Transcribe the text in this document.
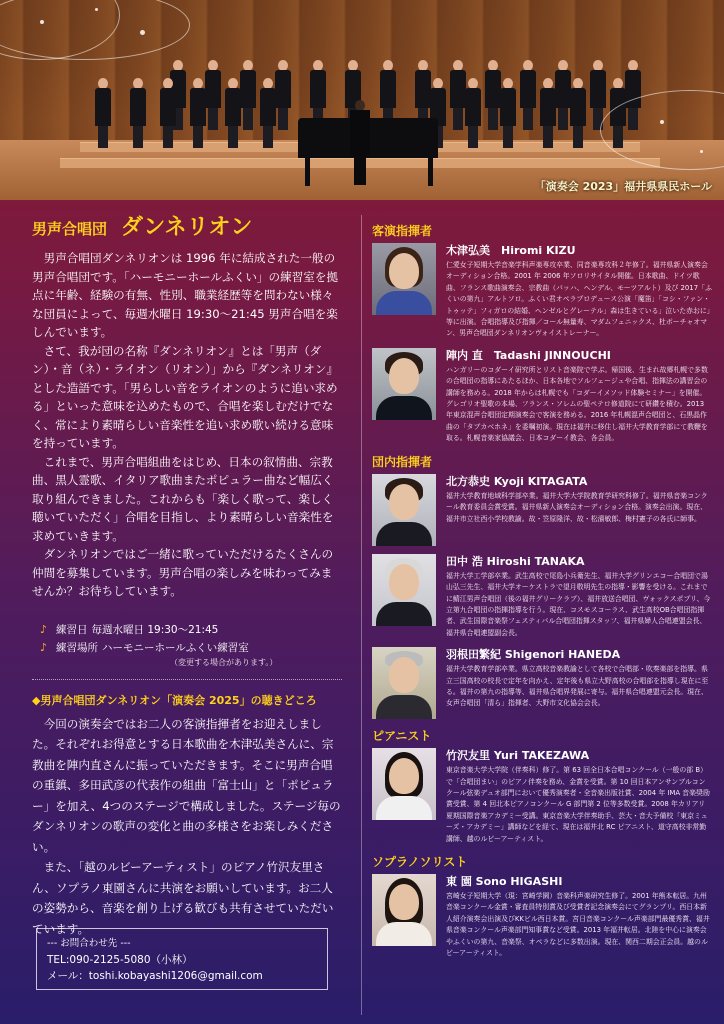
「演奏会 2023」福井県県民ホール
男声合唱団 ダンネリオン

　男声合唱団ダンネリオンは 1996 年に結成された一般の男声合唱団です。「ハーモニーホールふくい」の練習室を拠点に年齢、経験の有無、性別、職業経歴等を問わない様々な団員によって、毎週水曜日 19:30～21:45 男声合唱を楽しんでいます。

　さて、我が団の名称『ダンネリオン』とは「男声（ダン）・音（ネ）・ライオン（リオン）」から『ダンネリオン』とした造語です。「男らしい音をライオンのように追い求める」といった意味を込めたもので、合唱を楽しむだけでなく、常により素晴らしい音楽性を追い求め歌い続ける意味を持っています。

　これまで、男声合唱組曲をはじめ、日本の叙情曲、宗教曲、黒人霊歌、イタリア歌曲またポピュラー曲など幅広く取り組んできました。これからも「楽しく歌って、楽しく聴いていただく」合唱を目指し、より素晴らしい音楽性を求めていきます。

　ダンネリオンではご一緒に歌っていただけるたくさんの仲間を募集しています。男声合唱の楽しみを味わってみませんか？お待ちしています。

♪ 練習日 毎週水曜日 19:30～21:45
♪ 練習場所 ハーモニーホールふくい練習室
（変更する場合があります。）
◆男声合唱団ダンネリオン「演奏会 2025」の聴きどころ

　今回の演奏会ではお二人の客演指揮者をお迎えしました。それぞれお得意とする日本歌曲を木津弘美さんに、宗教曲を陣内直さんに振っていただきます。そこに男声合唱の重鎮、多田武彦の代表作の組曲「富士山」と「ポピュラー」を加え、4つのステージで構成しました。ステージ毎のダンネリオンの歌声の変化と曲の多様さをお楽しみください。

　また、「越のルビーアーティスト」のピアノ竹沢友里さん、ソプラノ東園さんに共演をお願いしています。お二人の姿勢から、音楽を創り上げる歓びも共有させていただいています。

--- お問合わせ先 ---
TEL:090-2125-5080（小林）
メール：toshi.kobayashi1206@gmail.com
客演指揮者
木津弘美　Hiromi KIZU
仁愛女子短期大学音楽学科声楽専攻卒業、同音楽専攻科２年修了。福井県新人演奏会オーディション合格。2001 年 2006 年ソロリサイタル開催。日本歌曲、ドイツ歌曲、フランス歌曲演奏会、宗教曲（バッハ、ヘンデル、モーツアルト）及び 2017「ふくいの第九」アルトソロ。ふくい君オペラプロデュース公演「魔笛」「コシ・ファン・トゥッテ」フィガロの結婚、ヘンゼルとグレーテル」森は生きている」泣いた赤おに」等に出演。合唱指導及び指揮／コール無量寿、マダムフェニックス、杜ボーチャオマン、男声合唱団ダンネリオンヴォイストレーナー。
陣内 直　Tadashi JINNOUCHI
ハンガリーのコダーイ研究所とリスト音楽院で学ぶ。帰国後、生まれ故郷札幌で多数の合唱団の指導にあたるほか、日本各地でソルフェージュや合唱、指揮法の講習会の講師を務める。2018 年からは札幌でも「コダーイメソッド体験セミナー」を開催。グレゴリオ聖歌の本場、フランス・ソレムの聖ペテロ修道院にて研鑽を積む。2013 年東京混声合唱団定期演奏会で客演を務める。2016 年札幌混声合唱団と、石黒晶作曲の「タブカベホネ」を委嘱初演。現在は福井に移住し福井大学教育学部にて教鞭を取る。札幌音楽家協議会、日本コダーイ教会、各会員。
団内指揮者
北方恭史 Kyoji KITAGATA
福井大学教育地域科学部卒業。福井大学大学院教育学研究科修了。福井県音楽コンクール教育委員会賞受賞。福井県新人演奏会オーディション合格。演奏会出演。現在、福井市立社西小学校教諭。故・笠原隆洋、故・松濱敏郎、梅村憲子の各氏に師事。
田中 浩 Hiroshi TANAKA
福井大学工学部卒業。武生高校で尾島小兵衛先生、福井大学グリンエコー合唱団で湯山弘三先生、福井大学オーケストラで望月敬明先生の指導・影響を受ける。これまでに鯖江男声合唱団（後の福井グリークラブ）、福井放送合唱団、ヴォックスポプリ、今立第九合唱団の指揮指導を行う。現在、コスモスコーラス、武生高校OB合唱団指揮者、武生国際音楽祭フェスティバル合唱団指揮スタッフ、福井県婦人合唱連盟会長、福井県合唱連盟副会長。
羽根田繁紀 Shigenori HANEDA
福井大学教育学部卒業。県立高校音楽教諭として各校で合唱部・吹奏楽部を指導。県立三国高校の校長で定年を向かえ、定年後も県立大野高校の合唱部を指導し現在に至る。福井の第九の指導等、福井県合唱界発展に寄与。福井県合唱連盟元会長。現在、女声合唱団「清ら」指揮者、大野市文化協会会長。
ピアニスト
竹沢友里 Yuri TAKEZAWA
東京音楽大学大学院（伴奏科）修了。第 63 回全日本合唱コンクール（一般の部 B）で「合唱団まい」のピアノ伴奏を務め、金賞を受賞。第 10 回日本アンサンブルコンクール弦楽デュオ部門において優秀演奏者・全音楽出版社賞、2004 年 IMA 音楽奨励賞受賞、第 4 回北本ピアノコンクール G 部門第 2 位等多数受賞。2008 年カリアリ夏期国際音楽アカデミー受講。東京音楽大学伴奏助手、芸大・音大予備校「東京ミューズ・アカデミー」講師などを経て、現在は福井北 RC ピアニスト、道守高校非常勤講師、越のルビーアーティスト。
ソプラノソリスト
東 園 Sono HIGASHI
宮崎女子短期大学（現：宮崎学園）音楽科声楽研究生修了。2001 年熊本転居。九州音楽コンクール金賞・審査員特別賞及び受賞者記念演奏会にてグランプリ。西日本新人紹介演奏会出演及びKKビル西日本賞。宮日音楽コンクール声楽部門最優秀賞、福井県音楽コンクール声楽部門知事賞など受賞。2013 年福井転居。北陸を中心に演奏会やふくいの第九、音楽祭、オペラなどに多数出演。現在、関西二期会正会員。越のルビーアーティスト。
